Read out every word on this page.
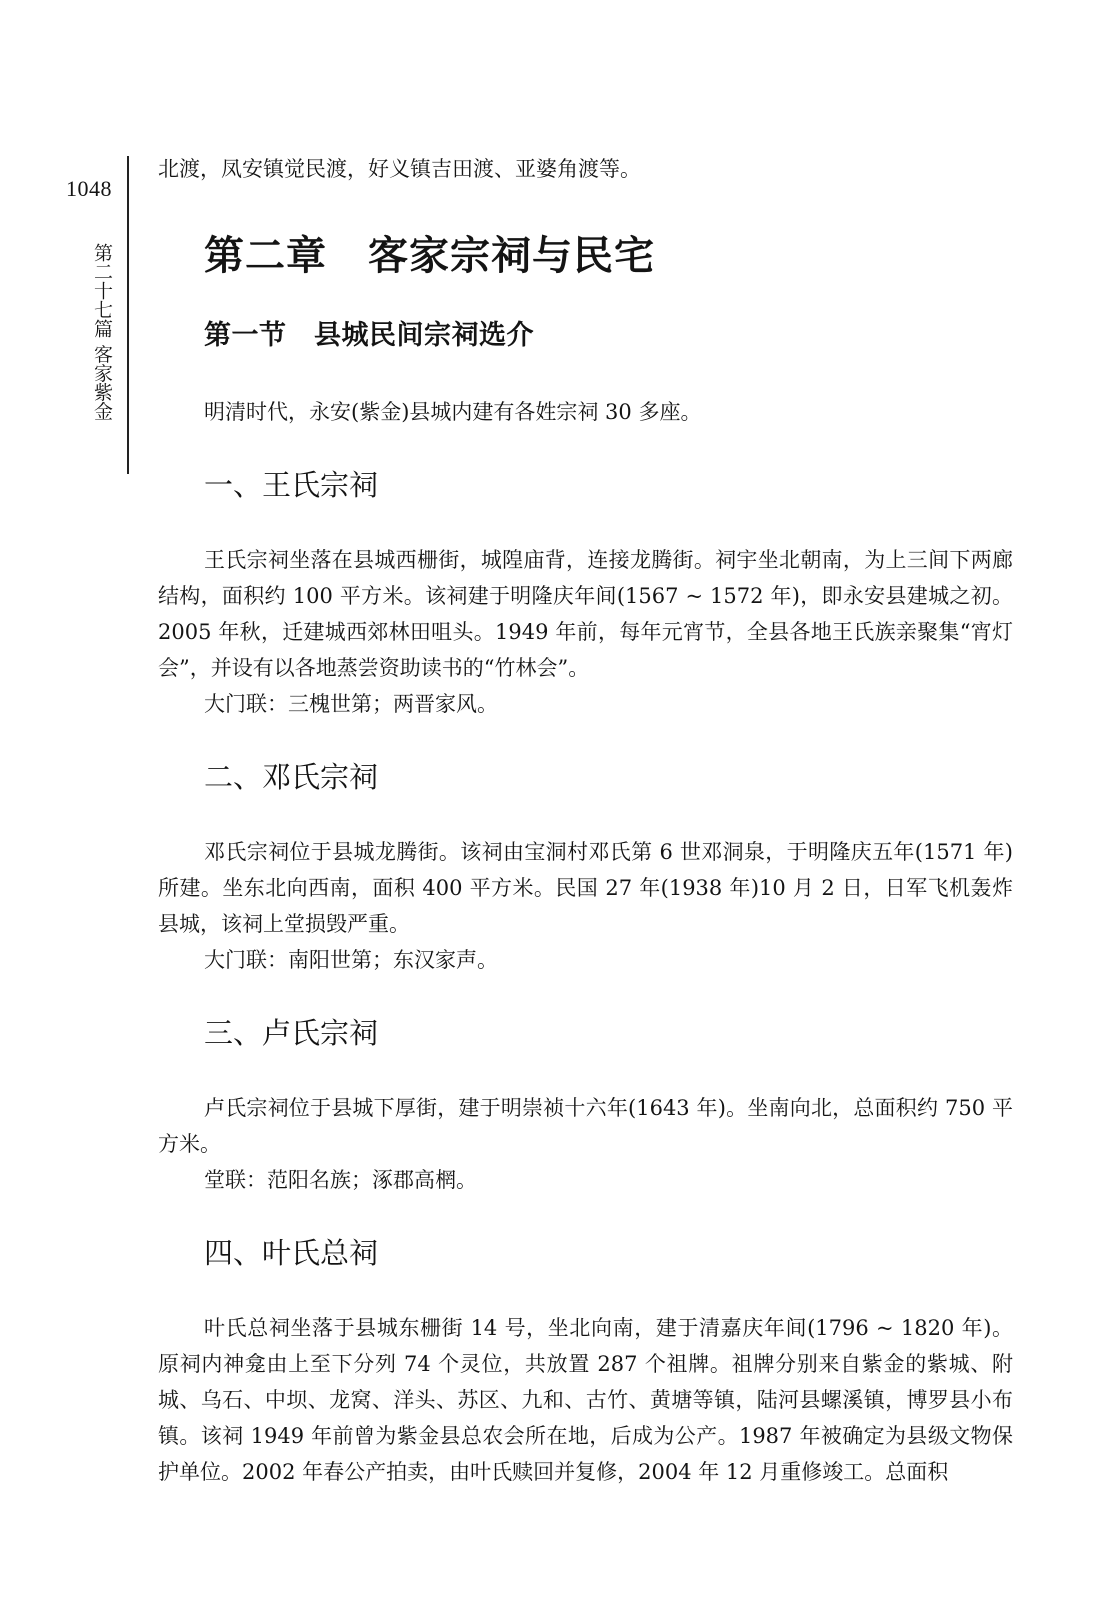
1048
第二十七篇 客家紫金

北渡，凤安镇觉民渡，好义镇吉田渡、亚婆角渡等。

第二章　客家宗祠与民宅
第一节　县城民间宗祠选介

明清时代，永安(紫金)县城内建有各姓宗祠 30 多座。

一、王氏宗祠

王氏宗祠坐落在县城西栅街，城隍庙背，连接龙腾街。祠宇坐北朝南，为上三间下两廊结构，面积约 100 平方米。该祠建于明隆庆年间(1567 ~ 1572 年)，即永安县建城之初。2005 年秋，迁建城西郊林田咀头。1949 年前，每年元宵节，全县各地王氏族亲聚集“宵灯会”，并设有以各地蒸尝资助读书的“竹林会”。

大门联：三槐世第；两晋家风。

二、邓氏宗祠

邓氏宗祠位于县城龙腾街。该祠由宝洞村邓氏第 6 世邓洞泉，于明隆庆五年(1571 年)所建。坐东北向西南，面积 400 平方米。民国 27 年(1938 年)10 月 2 日，日军飞机轰炸县城，该祠上堂损毁严重。

大门联：南阳世第；东汉家声。

三、卢氏宗祠

卢氏宗祠位于县城下厚街，建于明崇祯十六年(1643 年)。坐南向北，总面积约 750 平方米。

堂联：范阳名族；涿郡高棢。

四、叶氏总祠

叶氏总祠坐落于县城东栅街 14 号，坐北向南，建于清嘉庆年间(1796 ~ 1820 年)。原祠内神龛由上至下分列 74 个灵位，共放置 287 个祖牌。祖牌分别来自紫金的紫城、附城、乌石、中坝、龙窝、洋头、苏区、九和、古竹、黄塘等镇，陆河县螺溪镇，博罗县小布镇。该祠 1949 年前曾为紫金县总农会所在地，后成为公产。1987 年被确定为县级文物保护单位。2002 年春公产拍卖，由叶氏赎回并复修，2004 年 12 月重修竣工。总面积
